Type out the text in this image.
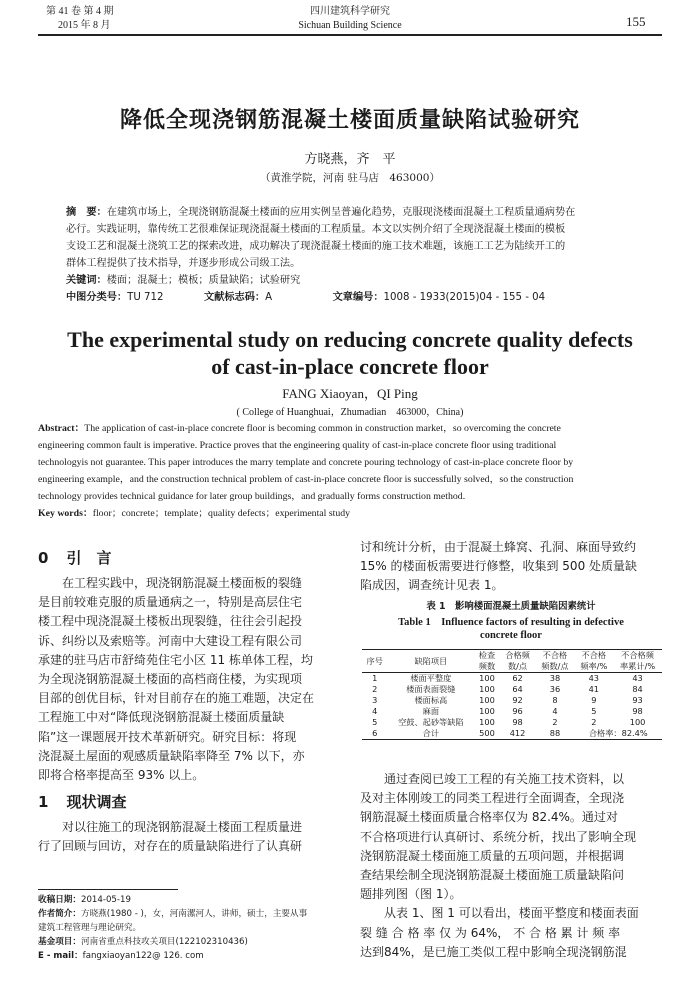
第 41 卷 第 4 期
2015 年 8 月
四川建筑科学研究
Sichuan Building Science	155
降低全现浇钢筋混凝土楼面质量缺陷试验研究
方晓燕，齐　平
（黄淮学院，河南 驻马店　463000）
摘　要：在建筑市场上，全现浇钢筋混凝土楼面的应用实例呈普遍化趋势，克服现浇楼面混凝土工程质量通病势在
必行。实践证明，靠传统工艺很难保证现浇混凝土楼面的工程质量。本文以实例介绍了全现浇混凝土楼面的模板
支设工艺和混凝土浇筑工艺的探索改进，成功解决了现浇混凝土楼面的施工技术难题，该施工工艺为陆续开工的
群体工程提供了技术指导，并逐步形成公司级工法。
关键词：楼面；混凝土；模板；质量缺陷；试验研究
中图分类号：TU 712	文献标志码：A	文章编号：1008 - 1933(2015)04 - 155 - 04
The experimental study on reducing concrete quality defects
of cast-in-place concrete floor
FANG Xiaoyan，QI Ping
( College of Huanghuai，Zhumadian　463000，China)
Abstract：The application of cast-in-place concrete floor is becoming common in construction market，so overcoming the concrete
engineering common fault is imperative. Practice proves that the engineering quality of cast-in-place concrete floor using traditional
technologyis not guarantee. This paper introduces the marry template and concrete pouring technology of cast-in-place concrete floor by
engineering example，and the construction technical problem of cast-in-place concrete floor is successfully solved，so the construction
technology provides technical guidance for later group buildings，and gradually forms construction method.
Key words：floor；concrete；template；quality defects；experimental study
0 引　言
在工程实践中，现浇钢筋混凝土楼面板的裂缝
是目前较难克服的质量通病之一，特别是高层住宅
楼工程中现浇混凝土楼板出现裂缝，往往会引起投
诉、纠纷以及索赔等。河南中大建设工程有限公司
承建的驻马店市舒绮苑住宅小区 11 栋单体工程，均
为全现浇钢筋混凝土楼面的高档商住楼，为实现项
目部的创优目标，针对目前存在的施工难题，决定在
工程施工中对“降低现浇钢筋混凝土楼面质量缺
陷”这一课题展开技术革新研究。研究目标：将现
浇混凝土屋面的观感质量缺陷率降至 7% 以下，亦
即将合格率提高至 93% 以上。
1 现状调查
对以往施工的现浇钢筋混凝土楼面工程质量进
行了回顾与回访，对存在的质量缺陷进行了认真研
收稿日期：2014-05-19
作者简介：方晓燕(1980 - )，女，河南漯河人，讲师，硕士，主要从事
建筑工程管理与理论研究。
基金项目：河南省重点科技攻关项目(122102310436)
E - mail：fangxiaoyan122@ 126. com
讨和统计分析，由于混凝土蜂窝、孔洞、麻面导致约
15% 的楼面板需要进行修整，收集到 500 处质量缺
陷成因，调查统计见表 1。
表 1　影响楼面混凝土质量缺陷因素统计
Table 1　Influence factors of resulting in defective
concrete floor
序号	缺陷项目	检查	合格频	不合格	不合格	不合格频
		频数	数/点	频数/点	频率/%	率累计/%
1	楼面平整度	100	62	38	43	43
2	楼面表面裂缝	100	64	36	41	84
3	楼面标高	100	92	8	9	93
4	麻面	100	96	4	5	98
5	空鼓、起砂等缺陷	100	98	2	2	100
6	合计	500	412	88	合格率：82.4%	
通过查阅已竣工工程的有关施工技术资料，以
及对主体刚竣工的同类工程进行全面调查，全现浇
钢筋混凝土楼面质量合格率仅为 82.4%。通过对
不合格项进行认真研讨、系统分析，找出了影响全现
浇钢筋混凝土楼面施工质量的五项问题，并根据调
查结果绘制全现浇钢筋混凝土楼面施工质量缺陷问
题排列图（图 1）。
从表 1、图 1 可以看出，楼面平整度和楼面表面
裂 缝 合 格 率 仅 为 64%， 不 合 格 累 计 频 率
达到84%，是已施工类似工程中影响全现浇钢筋混
